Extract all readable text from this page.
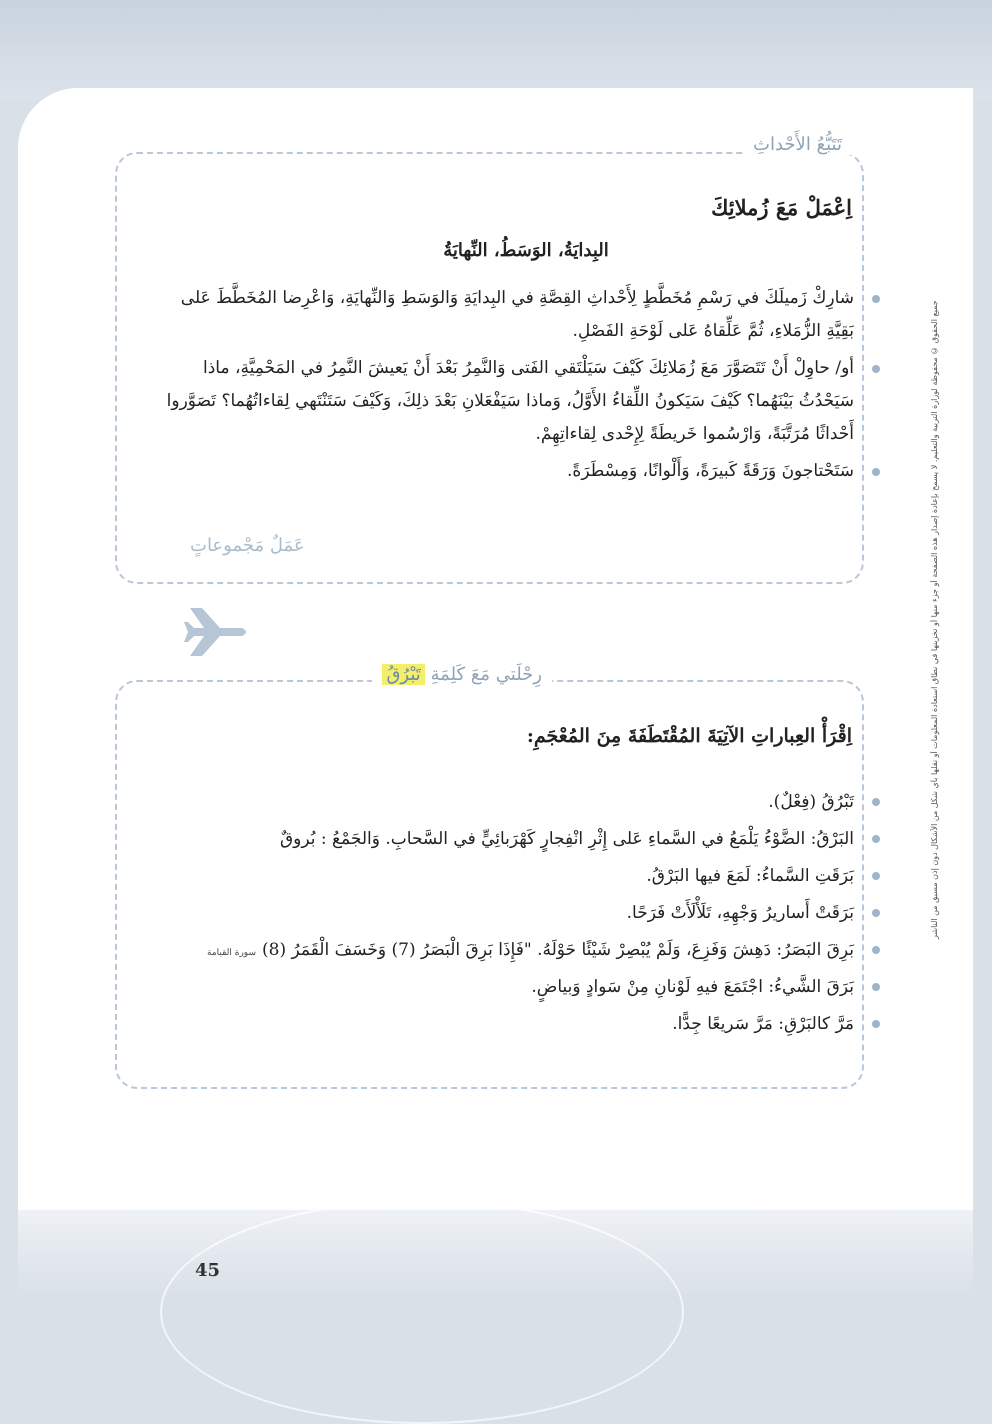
جميع الحقوق © محفوظة لوزارة التربية والتعليم. لا يسمح بإعادة إصدار هذه الصفحة أو جزء منها أو تخزينها في نطاق استعادة المعلومات أو نقلها بأي شكل من الأشكال دون إذن مسبق من الناشر
تَتَبُّعُ الأَحْداثِ
اِعْمَلْ مَعَ زُملائِكَ
البِدايَةُ، الوَسَطُ، النِّهايَةُ
شارِكْ زَميلَكَ في رَسْمِ مُخَطَّطٍ لِأَحْداثِ القِصَّةِ في البِدايَةِ وَالوَسَطِ وَالنِّهايَةِ، وَاعْرِضا المُخَطَّطَ عَلى بَقِيَّةِ الزُّمَلاءِ، ثُمَّ عَلِّقاهُ عَلى لَوْحَةِ الفَصْلِ.
أو/ حاوِلْ أَنْ تَتَصَوَّرَ مَعَ زُمَلائِكَ كَيْفَ سَيَلْتَقي الفَتى وَالنَّمِرُ بَعْدَ أَنْ يَعيشَ النَّمِرُ في المَحْمِيَّةِ، ماذا سَيَحْدُثُ بَيْنَهُما؟ كَيْفَ سَيَكونُ اللِّقاءُ الأَوَّلُ، وَماذا سَيَفْعَلانِ بَعْدَ ذلِكَ، وَكَيْفَ سَتَنْتَهي لِقاءاتُهُما؟ تَصَوَّروا أَحْداثًا مُرَتَّبَةً، وَارْسُموا خَريطَةً لِإِحْدى لِقاءاتِهِمْ.
سَتَحْتاجونَ وَرَقَةً كَبيرَةً، وَأَلْوانًا، وَمِسْطَرَةً.
عَمَلٌ مَجْموعاتٍ
رِحْلَتي مَعَ كَلِمَةِ تَبْرُقُ
اِقْرَأْ العِباراتِ الآتِيَةَ المُقْتَطَفَةَ مِنَ المُعْجَمِ:
تَبْرُقُ (فِعْلٌ).
البَرْقُ: الضَّوْءُ يَلْمَعُ في السَّماءِ عَلى إِثْرِ انْفِجارٍ كَهْرَبائِيٍّ في السَّحابِ. وَالجَمْعُ : بُروقٌ
بَرَقَتِ السَّماءُ: لَمَعَ فيها البَرْقُ.
بَرَقَتْ أَساريرُ وَجْهِهِ، تَلَأْلَأَتْ فَرَحًا.
بَرِقَ البَصَرُ: دَهِشَ وَفَزِعَ، وَلَمْ يُبْصِرْ شَيْئًا حَوْلَهُ. "فَإِذَا بَرِقَ الْبَصَرُ (7) وَخَسَفَ الْقَمَرُ (8)سورة القيامة
بَرَقَ الشَّيءُ: اجْتَمَعَ فيهِ لَوْنانِ مِنْ سَوادٍ وَبياضٍ.
مَرَّ كالبَرْقِ: مَرَّ سَريعًا جِدًّا.
45
